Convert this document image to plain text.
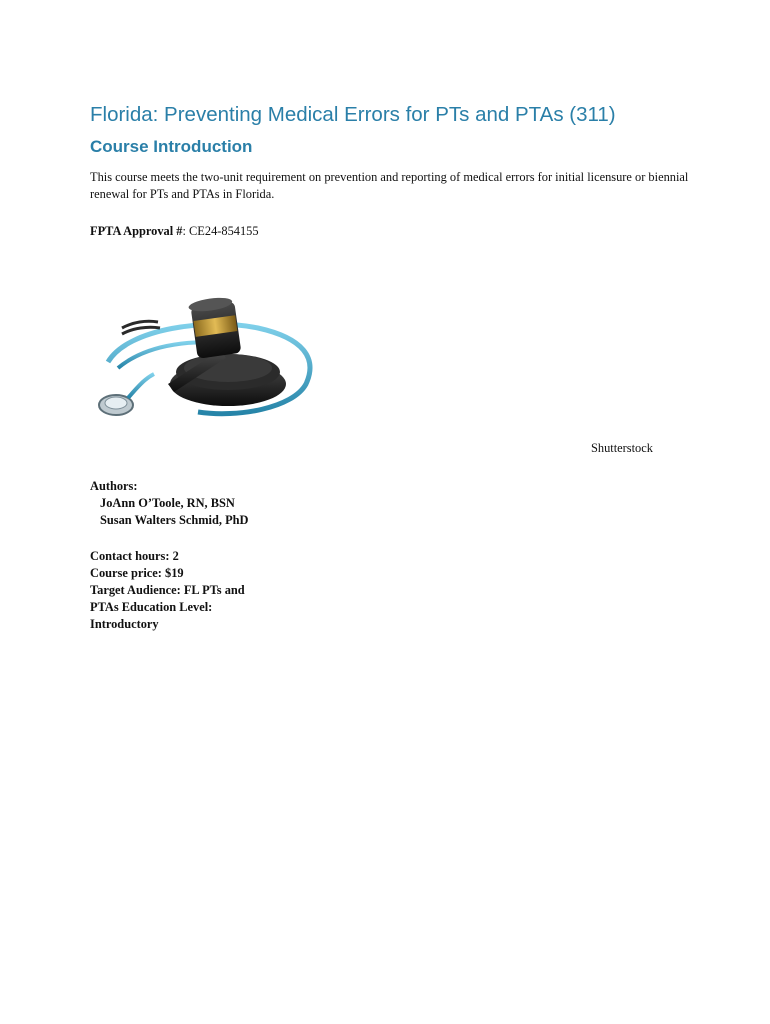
Florida: Preventing Medical Errors for PTs and PTAs (311)
Course Introduction

This course meets the two-unit requirement on prevention and reporting of medical errors for initial licensure or biennial renewal for PTs and PTAs in Florida.

FPTA Approval #: CE24-854155

Shutterstock

Authors:
JoAnn O’Toole, RN, BSN
Susan Walters Schmid, PhD
Contact hours: 2
Course price: $19
Target Audience: FL PTs and
PTAs Education Level:
Introductory
